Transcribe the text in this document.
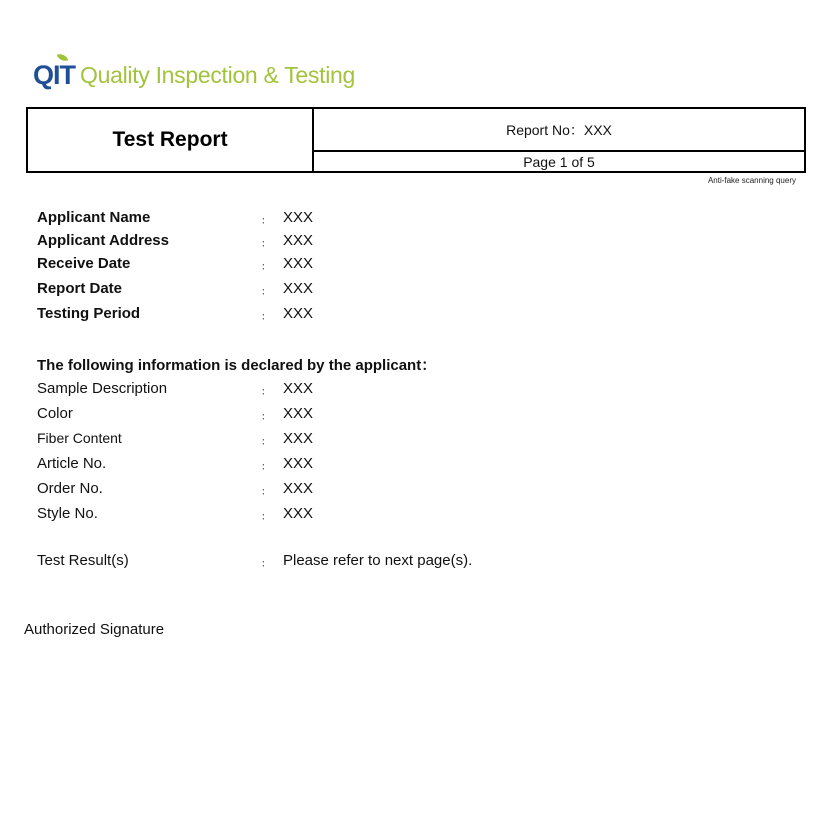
QIT Quality Inspection & Testing
Test Report	Report No：XXX
Page 1 of 5
Anti-fake scanning query
Applicant Name	： XXX
Applicant Address	： XXX
Receive Date	： XXX
Report Date	： XXX
Testing Period	： XXX
The following information is declared by the applicant：
Sample Description	： XXX
Color	： XXX
Fiber Content	： XXX
Article No.	： XXX
Order No.	： XXX
Style No.	： XXX
Test Result(s)	： Please refer to next page(s).
Authorized Signature
